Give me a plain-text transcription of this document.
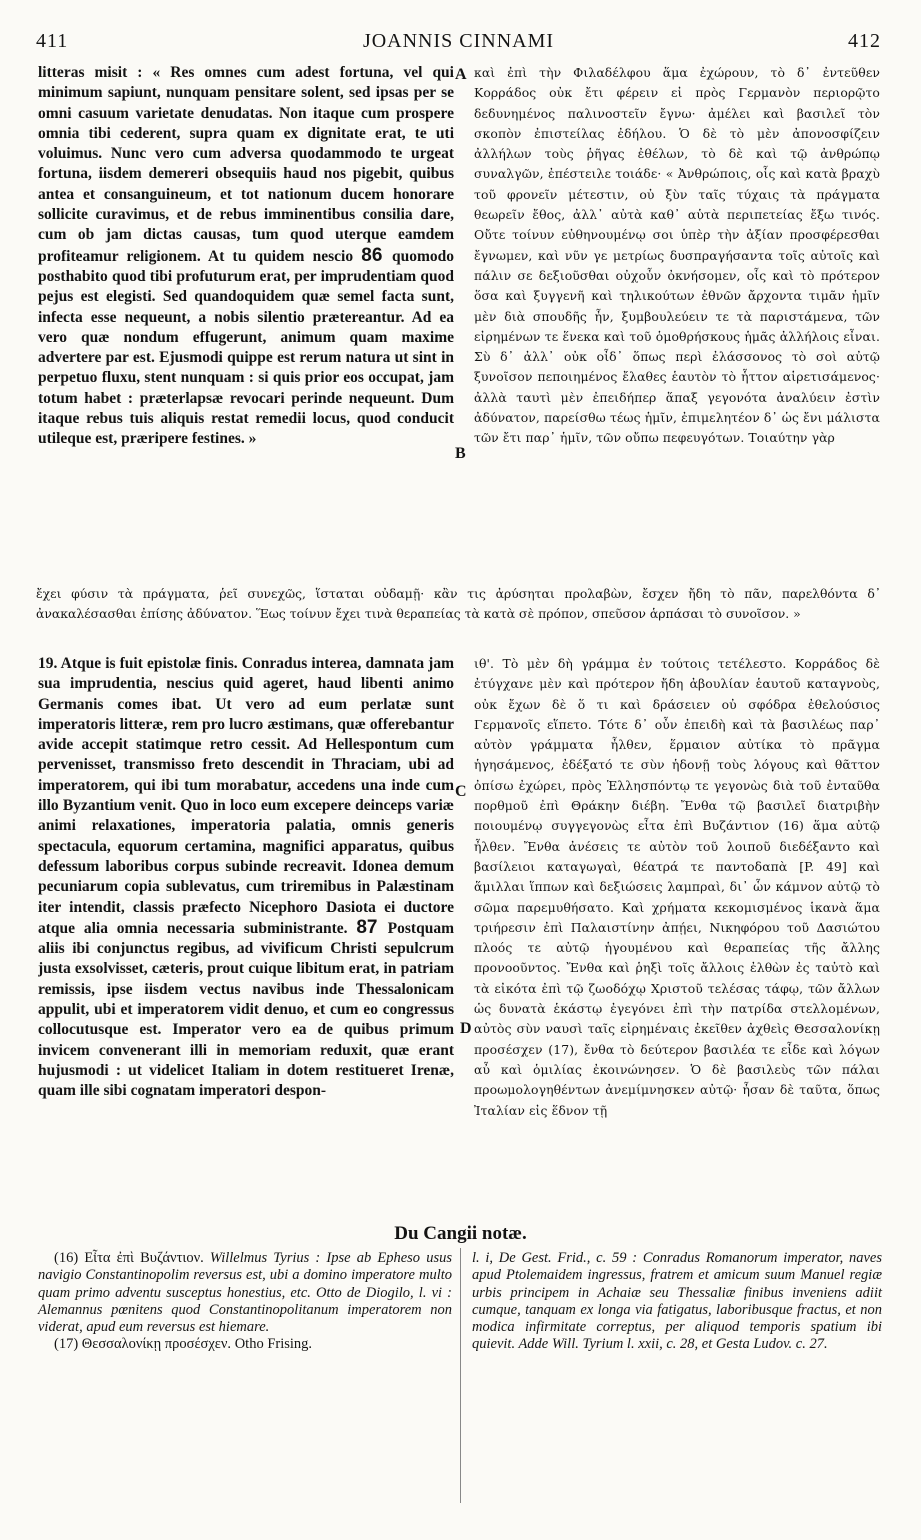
411	JOANNIS CINNAMI	412
litteras misit : « Res omnes cum adest fortuna, vel qui minimum sapiunt, nunquam pensitare solent, sed ipsas per se omni casuum varietate denudatas. Non itaque cum prospere omnia tibi cederent, supra quam ex dignitate erat, te uti voluimus. Nunc vero cum adversa quodammodo te urgeat fortuna, iisdem demereri obsequiis haud nos pigebit, quibus antea et consanguineum, et tot nationum ducem honorare sollicite curavimus, et de rebus imminentibus consilia dare, cum ob jam dictas causas, tum quod uterque eamdem profiteamur religionem. At tu quidem nescio 86 quomodo posthabito quod tibi profuturum erat, per imprudentiam quod pejus est elegisti. Sed quandoquidem quæ semel facta sunt, infecta esse nequeunt, a nobis silentio prætereantur. Ad ea vero quæ nondum effugerunt, animum quam maxime advertere par est. Ejusmodi quippe est rerum natura ut sint in perpetuo fluxu, stent nunquam : si quis prior eos occupat, jam totum habet : præterlapsæ revocari perinde nequeunt. Dum itaque rebus tuis aliquis restat remedii locus, quod conducit utileque est, præripere festines. »
A
B
καὶ ἐπὶ τὴν Φιλαδέλφου ἅμα ἐχώρουν, τὸ δ᾿ ἐντεῦθεν Κορράδος οὐκ ἔτι φέρειν εἰ πρὸς Γερμανὸν περιορῷτο δεδυνημένος παλινοστεῖν ἔγνω· ἀμέλει καὶ βασιλεῖ τὸν σκοπὸν ἐπιστείλας ἐδήλου. Ὁ δὲ τὸ μὲν ἀπονοσφίζειν ἀλλήλων τοὺς ῥῆγας ἐθέλων, τὸ δὲ καὶ τῷ ἀνθρώπῳ συναλγῶν, ἐπέστειλε τοιάδε· « Ἀνθρώποις, οἷς καὶ κατὰ βραχὺ τοῦ φρονεῖν μέτεστιν, οὐ ξὺν ταῖς τύχαις τὰ πράγματα θεωρεῖν ἔθος, ἀλλ᾿ αὐτὰ καθ᾿ αὑτὰ περιπετείας ἔξω τινός. Οὔτε τοίνυν εὐθηνουμένῳ σοι ὑπὲρ τὴν ἀξίαν προσφέρεσθαι ἔγνωμεν, καὶ νῦν γε μετρίως δυσπραγήσαντα τοῖς αὐτοῖς καὶ πάλιν σε δεξιοῦσθαι οὐχοὖν ὀκνήσομεν, οἷς καὶ τὸ πρότερον ὅσα καὶ ξυγγενῆ καὶ τηλικούτων ἐθνῶν ἄρχοντα τιμᾶν ἡμῖν μὲν διὰ σπουδῆς ἦν, ξυμβουλεύειν τε τὰ παριστάμενα, τῶν εἰρημένων τε ἕνεκα καὶ τοῦ ὁμοθρήσκους ἡμᾶς ἀλλήλοις εἶναι. Σὺ δ᾿ ἀλλ᾿ οὐκ οἶδ᾿ ὅπως περὶ ἐλάσσονος τὸ σοὶ αὐτῷ ξυνοῖσον πεποιημένος ἔλαθες ἑαυτὸν τὸ ἧττον αἱρετισάμενος· ἀλλὰ ταυτὶ μὲν ἐπειδήπερ ἅπαξ γεγονότα ἀναλύειν ἐστὶν ἀδύνατον, παρείσθω τέως ἡμῖν, ἐπιμελητέον δ᾿ ὡς ἔνι μάλιστα τῶν ἔτι παρ᾿ ἡμῖν, τῶν οὔπω πεφευγότων. Τοιαύτην γὰρ
ἔχει φύσιν τὰ πράγματα, ῥεῖ συνεχῶς, ἵσταται οὐδαμῇ· κἂν τις ἀρύσηται προλαβὼν, ἔσχεν ἤδη τὸ πᾶν, παρελθόντα δ᾿ ἀνακαλέσασθαι ἐπίσης ἀδύνατον. Ἕως τοίνυν ἔχει τινὰ θεραπείας τὰ κατὰ σὲ πρόπον, σπεῦσον ἁρπάσαι τὸ συνοῖσον. »
19. Atque is fuit epistolæ finis. Conradus interea, damnata jam sua imprudentia, nescius quid ageret, haud libenti animo Germanis comes ibat. Ut vero ad eum perlatæ sunt imperatoris litteræ, rem pro lucro æstimans, quæ offerebantur avide accepit statimque retro cessit. Ad Hellespontum cum pervenisset, transmisso freto descendit in Thraciam, ubi ad imperatorem, qui ibi tum morabatur, accedens una inde cum illo Byzantium venit. Quo in loco eum excepere deinceps variæ animi relaxationes, imperatoria palatia, omnis generis spectacula, equorum certamina, magnifici apparatus, quibus defessum laboribus corpus subinde recreavit. Idonea demum pecuniarum copia sublevatus, cum triremibus in Palæstinam iter intendit, classis præfecto Nicephoro Dasiota ei ductore atque alia omnia necessaria subministrante. 87 Postquam aliis ibi conjunctus regibus, ad vivificum Christi sepulcrum justa exsolvisset, cæteris, prout cuique libitum erat, in patriam remissis, ipse iisdem vectus navibus inde Thessalonicam appulit, ubi et imperatorem vidit denuo, et cum eo congressus collocutusque est. Imperator vero ea de quibus primum invicem convenerant illi in memoriam reduxit, quæ erant hujusmodi : ut videlicet Italiam in dotem restitueret Irenæ, quam ille sibi cognatam imperatori despon-
C
D
ιθ'. Τὸ μὲν δὴ γράμμα ἐν τούτοις τετέλεστο. Κορράδος δὲ ἐτύγχανε μὲν καὶ πρότερον ἤδη ἀβουλίαν ἑαυτοῦ καταγνοὺς, οὐκ ἔχων δὲ ὅ τι καὶ δράσειεν οὐ σφόδρα ἐθελούσιος Γερμανοῖς εἵπετο. Τότε δ᾿ οὖν ἐπειδὴ καὶ τὰ βασιλέως παρ᾿ αὐτὸν γράμματα ἦλθεν, ἕρμαιον αὐτίκα τὸ πρᾶγμα ἡγησάμενος, ἐδέξατό τε σὺν ἡδονῇ τοὺς λόγους καὶ θᾶττον ὀπίσω ἐχώρει, πρὸς Ἑλλησπόντῳ τε γεγονὼς διὰ τοῦ ἐνταῦθα πορθμοῦ ἐπὶ Θράκην διέβη. Ἔνθα τῷ βασιλεῖ διατριβὴν ποιουμένῳ συγγεγονὼς εἶτα ἐπὶ Βυζάντιον (16) ἅμα αὐτῷ ἦλθεν. Ἔνθα ἀνέσεις τε αὐτὸν τοῦ λοιποῦ διεδέξαντο καὶ βασίλειοι καταγωγαὶ, θέατρά τε παντοδαπὰ [P. 49] καὶ ἅμιλλαι ἵππων καὶ δεξιώσεις λαμπραὶ, δι᾿ ὧν κάμνον αὐτῷ τὸ σῶμα παρεμυθήσατο. Καὶ χρήματα κεκομισμένος ἱκανὰ ἅμα τριήρεσιν ἐπὶ Παλαιστίνην ἀπῄει, Νικηφόρου τοῦ Δασιώτου πλοός τε αὐτῷ ἡγουμένου καὶ θεραπείας τῆς ἄλλης προνοοῦντος. Ἔνθα καὶ ῥηξὶ τοῖς ἄλλοις ἐλθὼν ἐς ταὐτὸ καὶ τὰ εἰκότα ἐπὶ τῷ ζωοδόχῳ Χριστοῦ τελέσας τάφῳ, τῶν ἄλλων ὡς δυνατὰ ἑκάστῳ ἐγεγόνει ἐπὶ τὴν πατρίδα στελλομένων, αὐτὸς σὺν ναυσὶ ταῖς εἰρημέναις ἐκεῖθεν ἀχθεὶς Θεσσαλονίκῃ προσέσχεν (17), ἔνθα τὸ δεύτερον βασιλέα τε εἶδε καὶ λόγων αὖ καὶ ὁμιλίας ἐκοινώνησεν. Ὁ δὲ βασιλεὺς τῶν πάλαι προωμολογηθέντων ἀνεμίμνησκεν αὐτῷ· ἦσαν δὲ ταῦτα, ὅπως Ἰταλίαν εἰς ἕδνον τῇ
Du Cangii notæ.
(16) Εἶτα ἐπὶ Βυζάντιον. Willelmus Tyrius : Ipse ab Epheso usus navigio Constantinopolim reversus est, ubi a domino imperatore multo quam primo adventu susceptus honestius, etc. Otto de Diogilo, l. vi : Alemannus pœnitens quod Constantinopolitanum imperatorem non viderat, apud eum reversus est hiemare.
(17) Θεσσαλονίκῃ προσέσχεν. Otho Frising.
l. i, De Gest. Frid., c. 59 : Conradus Romanorum imperator, naves apud Ptolemaidem ingressus, fratrem et amicum suum Manuel regiæ urbis principem in Achaiæ seu Thessaliæ finibus inveniens adiit cumque, tanquam ex longa via fatigatus, laboribusque fractus, et non modica infirmitate correptus, per aliquod temporis spatium ibi quievit. Adde Will. Tyrium l. xxii, c. 28, et Gesta Ludov. c. 27.
